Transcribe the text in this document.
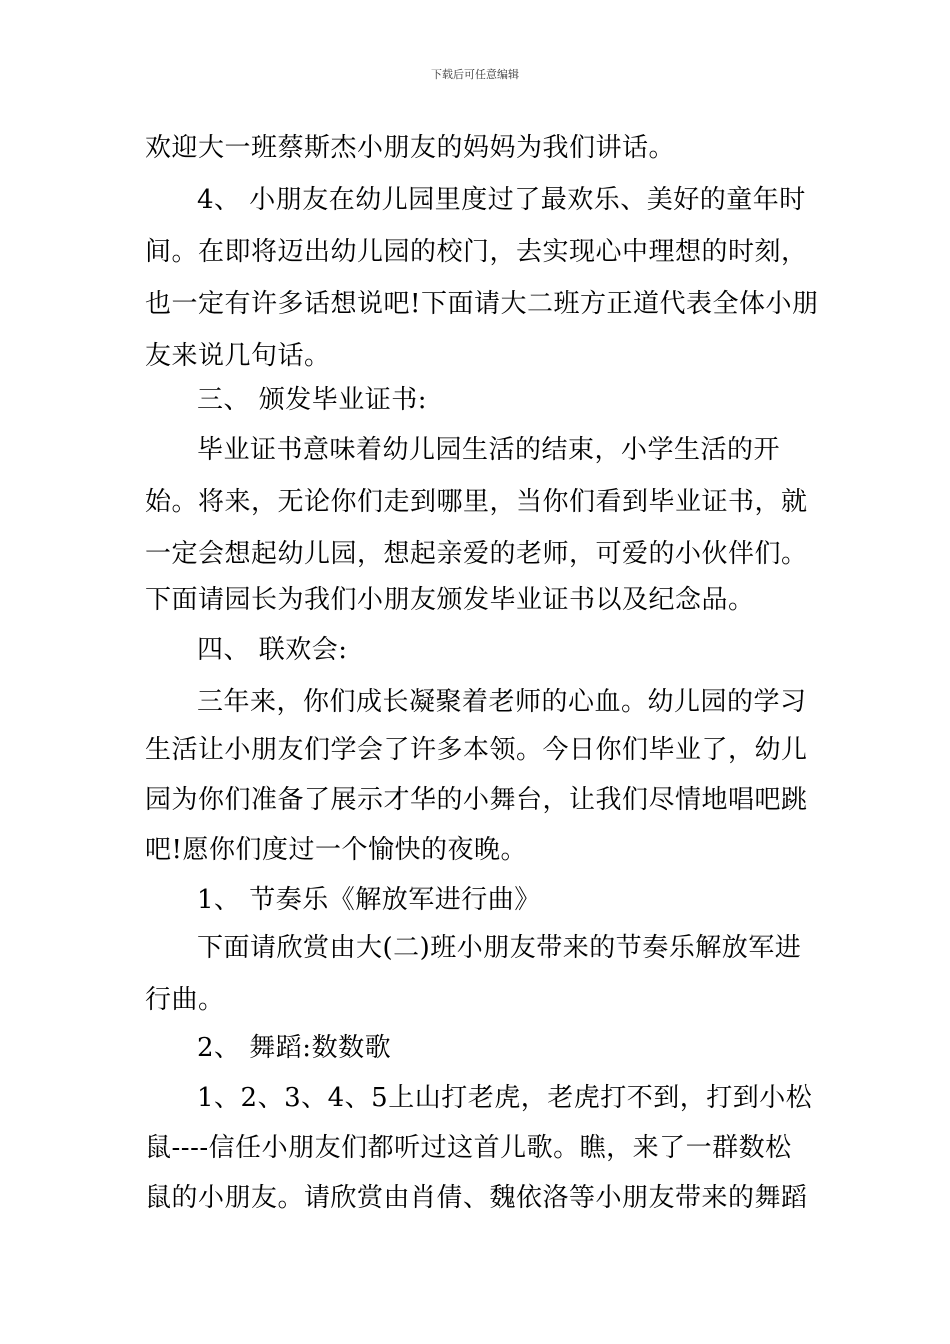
下载后可任意编辑
欢迎大一班蔡斯杰小朋友的妈妈为我们讲话。
4、 小朋友在幼儿园里度过了最欢乐、美好的童年时
间。在即将迈出幼儿园的校门，去实现心中理想的时刻，
也一定有许多话想说吧!下面请大二班方正道代表全体小朋
友来说几句话。
三、 颁发毕业证书:
毕业证书意味着幼儿园生活的结束，小学生活的开
始。将来，无论你们走到哪里，当你们看到毕业证书，就
一定会想起幼儿园，想起亲爱的老师，可爱的小伙伴们。
下面请园长为我们小朋友颁发毕业证书以及纪念品。
四、 联欢会:
三年来，你们成长凝聚着老师的心血。幼儿园的学习
生活让小朋友们学会了许多本领。今日你们毕业了，幼儿
园为你们准备了展示才华的小舞台，让我们尽情地唱吧跳
吧!愿你们度过一个愉快的夜晚。
1、 节奏乐《解放军进行曲》
下面请欣赏由大(二)班小朋友带来的节奏乐解放军进
行曲。
2、 舞蹈:数数歌
1、2、3、4、5上山打老虎，老虎打不到，打到小松
鼠----信任小朋友们都听过这首儿歌。瞧，来了一群数松
鼠的小朋友。请欣赏由肖倩、魏依洛等小朋友带来的舞蹈
